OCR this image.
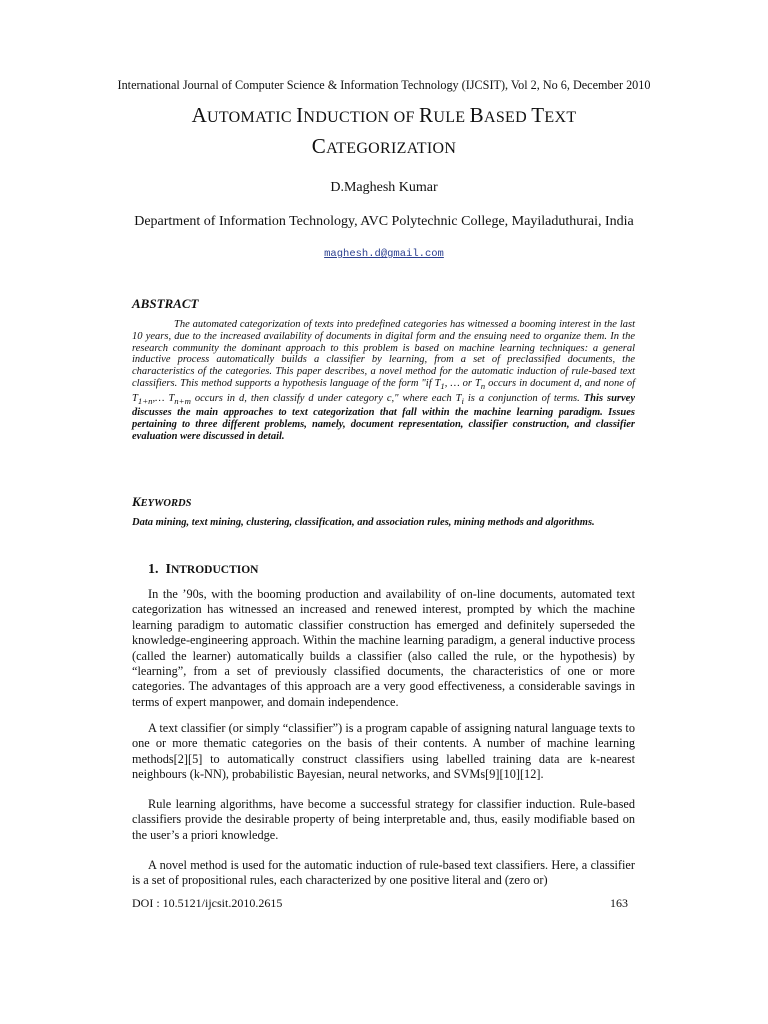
International Journal of Computer Science & Information Technology (IJCSIT), Vol 2, No 6, December 2010
AUTOMATIC INDUCTION OF RULE BASED TEXT
CATEGORIZATION
D.Maghesh Kumar
Department of Information Technology, AVC Polytechnic College, Mayiladuthurai, India
maghesh.d@gmail.com
ABSTRACT
The automated categorization of texts into predefined categories has witnessed a booming interest in the last 10 years, due to the increased availability of documents in digital form and the ensuing need to organize them. In the research community the dominant approach to this problem is based on machine learning techniques: a general inductive process automatically builds a classifier by learning, from a set of preclassified documents, the characteristics of the categories. This paper describes, a novel method for the automatic induction of rule-based text classifiers. This method supports a hypothesis language of the form "if $T_1$, … or $T_n$ occurs in document d, and none of $T_{1+n},\dots$ $T_{n+m}$ occurs in d, then classify d under category c," where each $T_i$ is a conjunction of terms. This survey discusses the main approaches to text categorization that fall within the machine learning paradigm. Issues pertaining to three different problems, namely, document representation, classifier construction, and classifier evaluation were discussed in detail.
KEYWORDS
Data mining, text mining, clustering, classification, and association rules, mining methods and algorithms.
1. INTRODUCTION
In the ’90s, with the booming production and availability of on-line documents, automated text categorization has witnessed an increased and renewed interest, prompted by which the machine learning paradigm to automatic classifier construction has emerged and definitely superseded the knowledge-engineering approach. Within the machine learning paradigm, a general inductive process (called the learner) automatically builds a classifier (also called the rule, or the hypothesis) by “learning”, from a set of previously classified documents, the characteristics of one or more categories. The advantages of this approach are a very good effectiveness, a considerable savings in terms of expert manpower, and domain independence.
A text classifier (or simply “classifier”) is a program capable of assigning natural language texts to one or more thematic categories on the basis of their contents. A number of machine learning methods[2][5] to automatically construct classifiers using labelled training data are k-nearest neighbours (k-NN), probabilistic Bayesian, neural networks, and SVMs[9][10][12].
Rule learning algorithms, have become a successful strategy for classifier induction. Rule-based classifiers provide the desirable property of being interpretable and, thus, easily modifiable based on the user’s a priori knowledge.
A novel method is used for the automatic induction of rule-based text classifiers. Here, a classifier is a set of propositional rules, each characterized by one positive literal and (zero or)
DOI : 10.5121/ijcsit.2010.2615	163
